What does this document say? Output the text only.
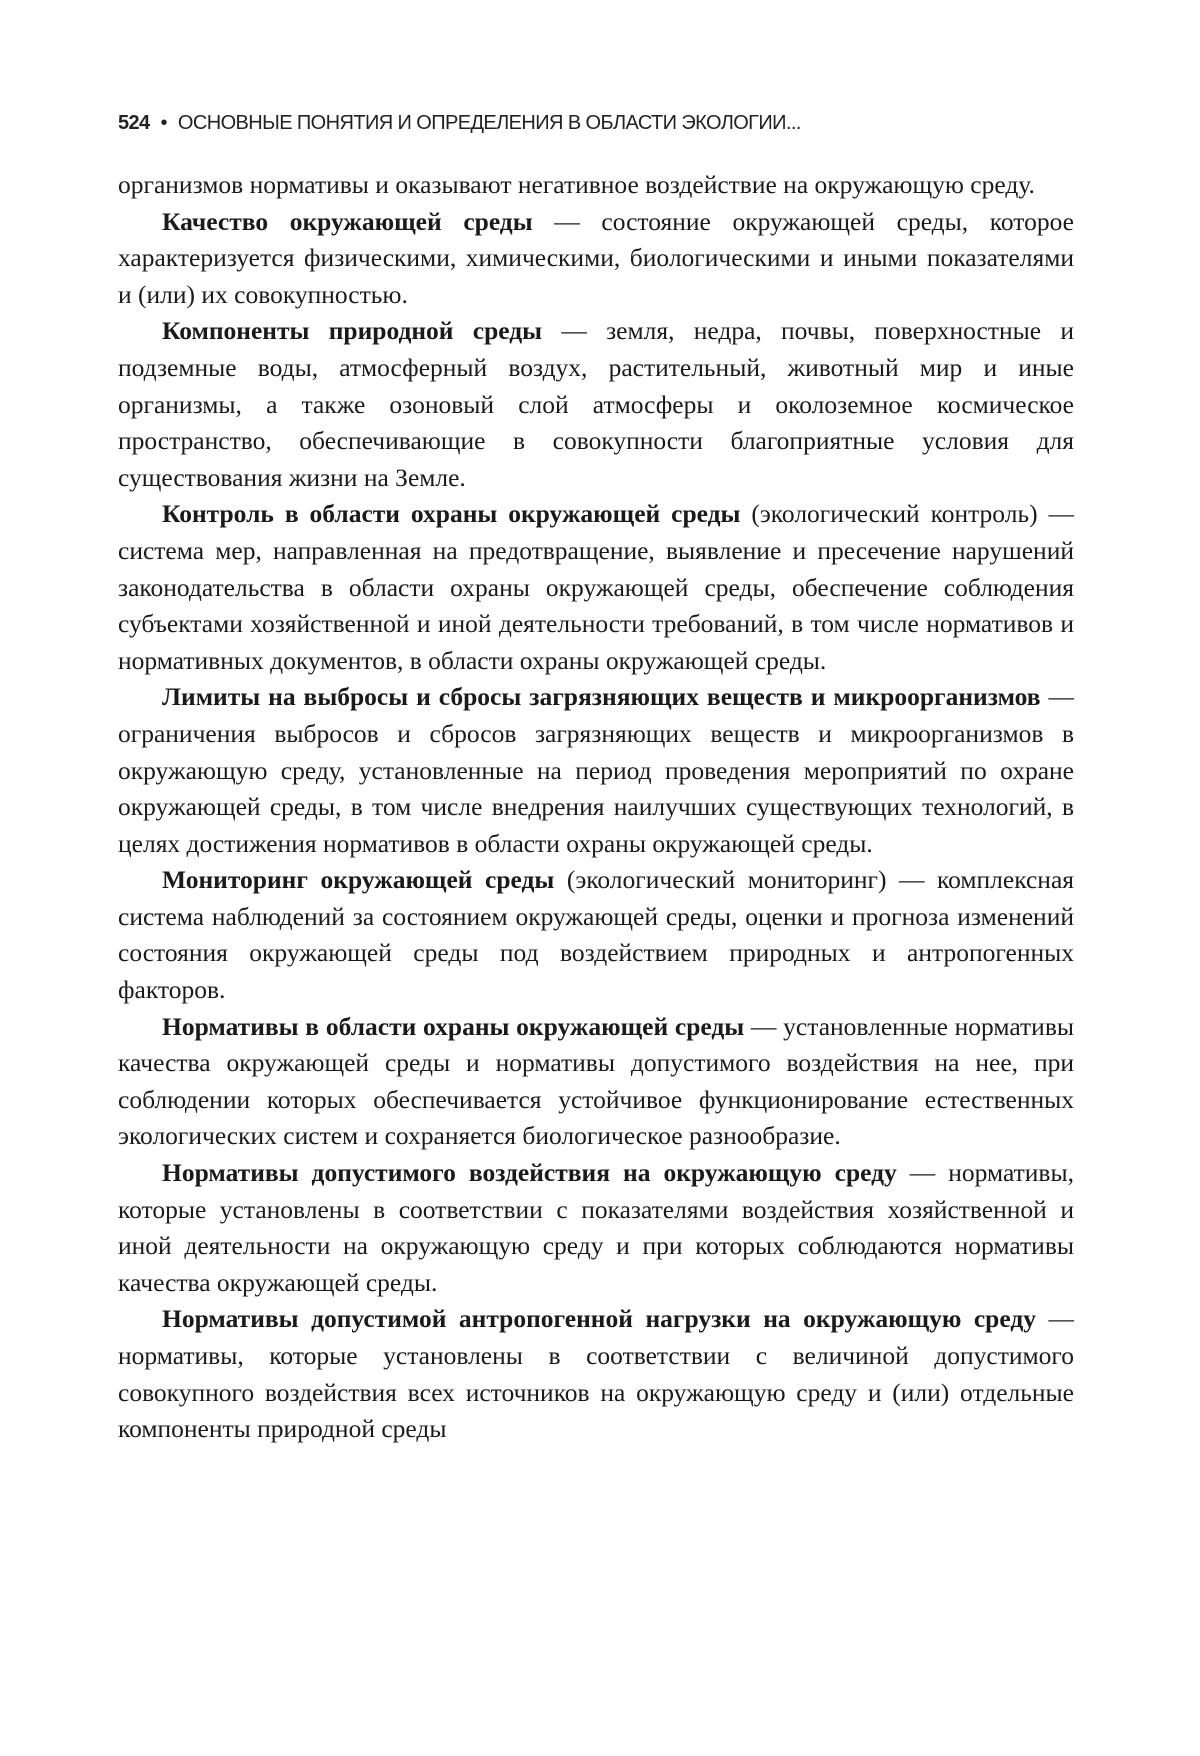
524 • ОСНОВНЫЕ ПОНЯТИЯ И ОПРЕДЕЛЕНИЯ В ОБЛАСТИ ЭКОЛОГИИ...

организмов нормативы и оказывают негативное воздействие на окружающую среду.

Качество окружающей среды — состояние окружающей среды, которое характеризуется физическими, химическими, биологическими и иными показателями и (или) их совокупностью.

Компоненты природной среды — земля, недра, почвы, поверхностные и подземные воды, атмосферный воздух, растительный, животный мир и иные организмы, а также озоновый слой атмосферы и околоземное космическое пространство, обеспечивающие в совокупности благоприятные условия для существования жизни на Земле.

Контроль в области охраны окружающей среды (экологический контроль) — система мер, направленная на предотвращение, выявление и пресечение нарушений законодательства в области охраны окружающей среды, обеспечение соблюдения субъектами хозяйственной и иной деятельности требований, в том числе нормативов и нормативных документов, в области охраны окружающей среды.

Лимиты на выбросы и сбросы загрязняющих веществ и микроорганизмов — ограничения выбросов и сбросов загрязняющих веществ и микроорганизмов в окружающую среду, установленные на период проведения мероприятий по охране окружающей среды, в том числе внедрения наилучших существующих технологий, в целях достижения нормативов в области охраны окружающей среды.

Мониторинг окружающей среды (экологический мониторинг) — комплексная система наблюдений за состоянием окружающей среды, оценки и прогноза изменений состояния окружающей среды под воздействием природных и антропогенных факторов.

Нормативы в области охраны окружающей среды — установленные нормативы качества окружающей среды и нормативы допустимого воздействия на нее, при соблюдении которых обеспечивается устойчивое функционирование естественных экологических систем и сохраняется биологическое разнообразие.

Нормативы допустимого воздействия на окружающую среду — нормативы, которые установлены в соответствии с показателями воздействия хозяйственной и иной деятельности на окружающую среду и при которых соблюдаются нормативы качества окружающей среды.

Нормативы допустимой антропогенной нагрузки на окружающую среду — нормативы, которые установлены в соответствии с величиной допустимого совокупного воздействия всех источников на окружающую среду и (или) отдельные компоненты природной среды
